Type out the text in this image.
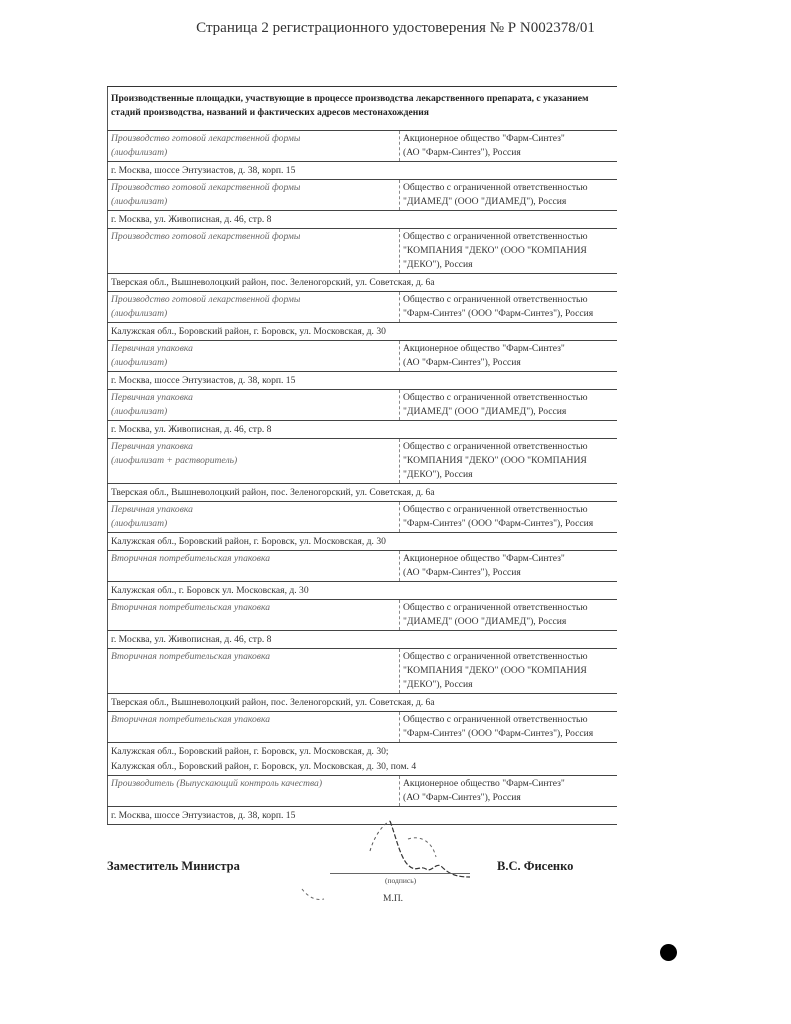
Страница 2 регистрационного удостоверения № Р N002378/01
Производственные площадки, участвующие в процессе производства лекарственного препарата, с указанием стадий производства, названий и фактических адресов местонахождения	

Производство готовой лекарственной формы
(лиофилизат)	Акционерное общество "Фарм-Синтез"
(АО "Фарм-Синтез"), Россия

г. Москва, шоссе Энтузиастов, д. 38, корп. 15	

Производство готовой лекарственной формы
(лиофилизат)	Общество с ограниченной ответственностью
"ДИАМЕД" (ООО "ДИАМЕД"), Россия

г. Москва, ул. Живописная, д. 46, стр. 8	

Производство готовой лекарственной формы	Общество с ограниченной ответственностью
"КОМПАНИЯ "ДЕКО" (ООО "КОМПАНИЯ
"ДЕКО"), Россия

Тверская обл., Вышневолоцкий район, пос. Зеленогорский, ул. Советская, д. 6а	

Производство готовой лекарственной формы
(лиофилизат)	Общество с ограниченной ответственностью
"Фарм-Синтез" (ООО "Фарм-Синтез"), Россия

Калужская обл., Боровский район, г. Боровск, ул. Московская, д. 30	

Первичная упаковка
(лиофилизат)	Акционерное общество "Фарм-Синтез"
(АО "Фарм-Синтез"), Россия

г. Москва, шоссе Энтузиастов, д. 38, корп. 15	

Первичная упаковка
(лиофилизат)	Общество с ограниченной ответственностью
"ДИАМЕД" (ООО "ДИАМЕД"), Россия

г. Москва, ул. Живописная, д. 46, стр. 8	

Первичная упаковка
(лиофилизат + растворитель)	Общество с ограниченной ответственностью
"КОМПАНИЯ "ДЕКО" (ООО "КОМПАНИЯ
"ДЕКО"), Россия

Тверская обл., Вышневолоцкий район, пос. Зеленогорский, ул. Советская, д. 6а	

Первичная упаковка
(лиофилизат)	Общество с ограниченной ответственностью
"Фарм-Синтез" (ООО "Фарм-Синтез"), Россия

Калужская обл., Боровский район, г. Боровск, ул. Московская, д. 30	

Вторичная потребительская упаковка	Акционерное общество "Фарм-Синтез"
(АО "Фарм-Синтез"), Россия

Калужская обл., г. Боровск ул. Московская, д. 30	

Вторичная потребительская упаковка	Общество с ограниченной ответственностью
"ДИАМЕД" (ООО "ДИАМЕД"), Россия

г. Москва, ул. Живописная, д. 46, стр. 8	

Вторичная потребительская упаковка	Общество с ограниченной ответственностью
"КОМПАНИЯ "ДЕКО" (ООО "КОМПАНИЯ
"ДЕКО"), Россия

Тверская обл., Вышневолоцкий район, пос. Зеленогорский, ул. Советская, д. 6а	

Вторичная потребительская упаковка	Общество с ограниченной ответственностью
"Фарм-Синтез" (ООО "Фарм-Синтез"), Россия

Калужская обл., Боровский район, г. Боровск, ул. Московская, д. 30;
Калужская обл., Боровский район, г. Боровск, ул. Московская, д. 30, пом. 4	

Производитель (Выпускающий контроль качества)	Акционерное общество "Фарм-Синтез"
(АО "Фарм-Синтез"), Россия

г. Москва, шоссе Энтузиастов, д. 38, корп. 15	
Заместитель Министра
(подпись)
М.П.
В.С. Фисенко
